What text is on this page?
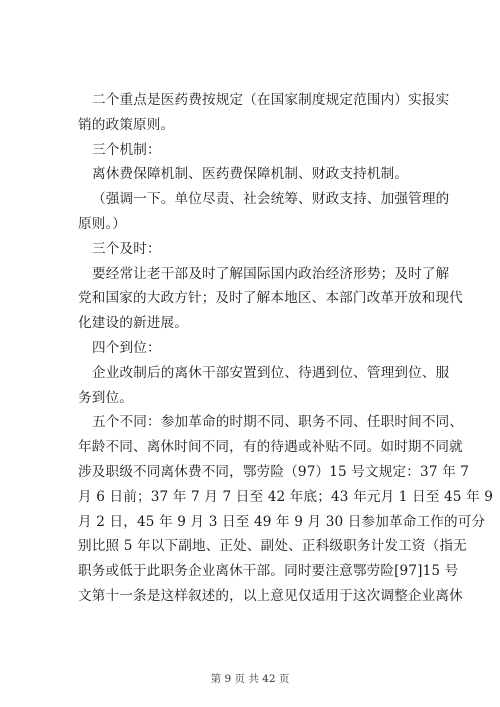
二个重点是医药费按规定（在国家制度规定范围内）实报实
销的政策原则。
三个机制：
离休费保障机制、医药费保障机制、财政支持机制。
（强调一下。单位尽责、社会统筹、财政支持、加强管理的
原则。）
三个及时：
要经常让老干部及时了解国际国内政治经济形势；及时了解
党和国家的大政方针；及时了解本地区、本部门改革开放和现代
化建设的新进展。
四个到位：
企业改制后的离休干部安置到位、待遇到位、管理到位、服
务到位。
五个不同：参加革命的时期不同、职务不同、任职时间不同、
年龄不同、离休时间不同，有的待遇或补贴不同。如时期不同就
涉及职级不同离休费不同，鄂劳险（97）15 号文规定：37 年 7
月 6 日前；37 年 7 月 7 日至 42 年底；43 年元月 1 日至 45 年 9
月 2 日，45 年 9 月 3 日至 49 年 9 月 30 日参加革命工作的可分
别比照 5 年以下副地、正处、副处、正科级职务计发工资（指无
职务或低于此职务企业离休干部。同时要注意鄂劳险[97]15 号
文第十一条是这样叙述的，以上意见仅适用于这次调整企业离休
第 9 页 共 42 页
